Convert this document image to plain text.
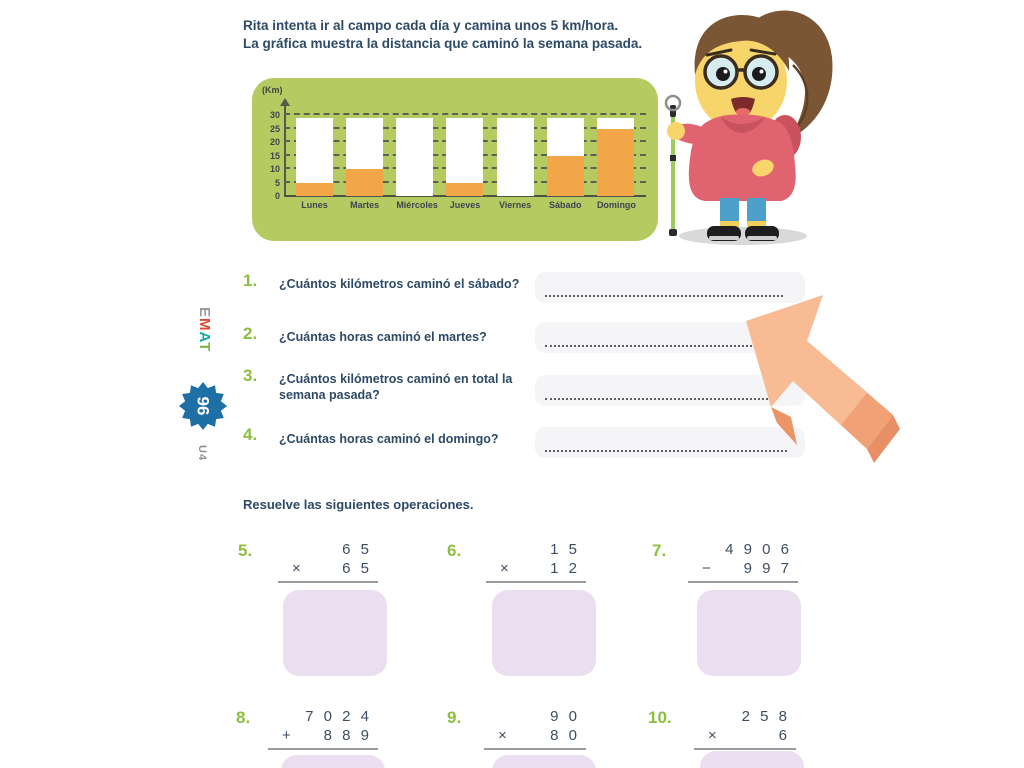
Rita intenta ir al campo cada día y camina unos 5 km/hora.
La gráfica muestra la distancia que caminó la semana pasada.
(Km)
0
5
10
15
20
25
30
Lunes	Martes	Miércoles	Jueves	Viernes Sábado Domingo
EMAT
96
U4
1. ¿Cuántos kilómetros caminó el sábado?
2. ¿Cuántas horas caminó el martes?
3. ¿Cuántos kilómetros caminó en total la semana pasada?
4. ¿Cuántas horas caminó el domingo?
Resuelve las siguientes operaciones.
5.	6 5
×	6 5
6.	1 5
×	1 2
7.	4 9 0 6
− 9 9 7
8.	7 0 2 4
+ 8 8 9
9.	9 0
×	8 0
10.	2 5 8
×	6
